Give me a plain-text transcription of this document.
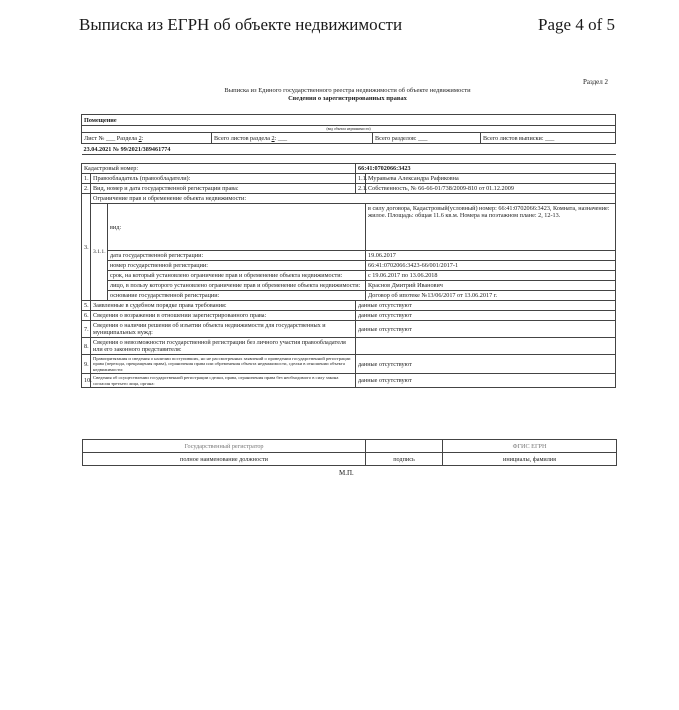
Выписка из ЕГРН об объекте недвижимости	Page 4 of 5
Раздел 2
Выписка из Единого государственного реестра недвижимости об объекте недвижимости
Сведения о зарегистрированных правах
Помещение			
(вид объекта недвижимости)			
Лист № ___ Раздела 2:	Всего листов раздела 2: ___	Всего разделов: ___	Всего листов выписки: ___
23.04.2021 № 99/2021/389461774			
Кадастровый номер:			66:41:0702066:3423	
1.	Правообладатель (правообладатели):		1.1.	Муравьева Александра Рафиковна
2.	Вид, номер и дата государственной регистрации права:		2.1.	Собственность, № 66-66-01/738/2009-810 от 01.12.2009
3.	Ограничение прав и обременение объекта недвижимости:			
	3.1.1.	вид:		в силу договора, Кадастровый(условный) номер: 66:41:0702066:3423, Комната, назначение: жилое. Площадь: общая 11.6 кв.м. Номера на поэтажном плане: 2, 12-13.
		дата государственной регистрации:		19.06.2017
		номер государственной регистрации:		66:41:0702066:3423-66/001/2017-1
		срок, на который установлено ограничение прав и обременение объекта недвижимости:		с 19.06.2017 по 13.06.2018
		лицо, в пользу которого установлено ограничение прав и обременение объекта недвижимости:		Краснов Дмитрий Иванович
		основание государственной регистрации:		Договор об ипотеке №13/06/2017 от 13.06.2017 г.
5.	Заявленные в судебном порядке права требования:		данные отсутствуют	
6.	Сведения о возражении в отношении зарегистрированного права:		данные отсутствуют	
7.	Сведения о наличии решения об изъятии объекта недвижимости для государственных и муниципальных нужд:		данные отсутствуют	
8.	Сведения о невозможности государственной регистрации без личного участия правообладателя или его законного представителя:			
9.	Правопритязания и сведения о наличии поступивших, но не рассмотренных заявлений о проведении государственной регистрации права (перехода, прекращения права), ограничения права или обременения объекта недвижимости, сделки в отношении объекта недвижимости:		данные отсутствуют	
10.	Сведения об осуществлении государственной регистрации сделки, права, ограничения права без необходимого в силу закона согласия третьего лица, органа:		данные отсутствуют	
Государственный регистратор		ФГИС ЕГРН
полное наименование должности	подпись	инициалы, фамилия
М.П.
